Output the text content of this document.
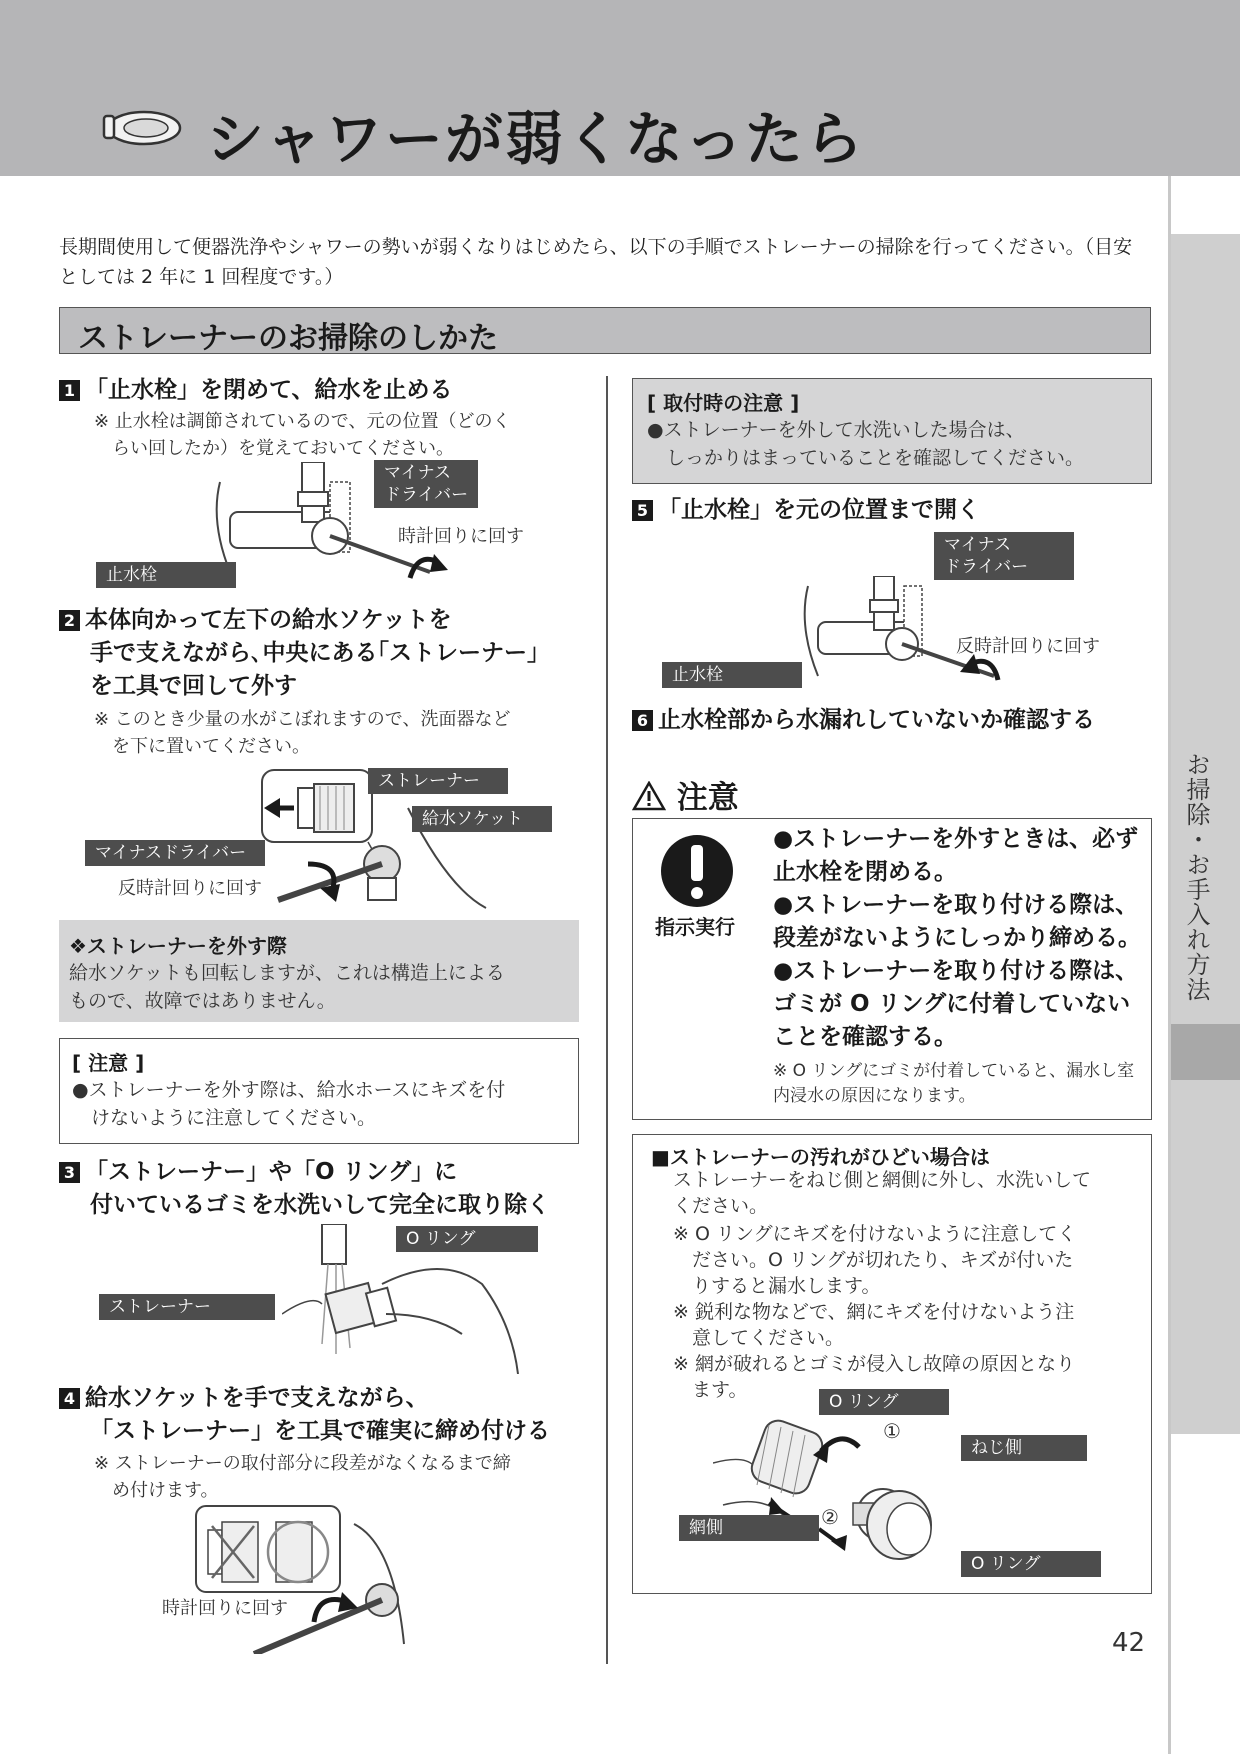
シャワーが弱くなったら
お掃除・お手入れ方法
長期間使用して便器洗浄やシャワーの勢いが弱くなりはじめたら、以下の手順でストレーナーの掃除を行ってください。（目安としては 2 年に 1 回程度です。）
ストレーナーのお掃除のしかた
1 「止水栓」を閉めて、給水を止める
※ 止水栓は調節されているので、元の位置（どのく
　らい回したか）を覚えておいてください。
マイナス
ドライバー
時計回りに回す
止水栓
2 本体向かって左下の給水ソケットを
手で支えながら､中央にある｢ストレーナー｣
を工具で回して外す
※ このとき少量の水がこぼれますので、洗面器など
　を下に置いてください。
ストレーナー
給水ソケット
マイナスドライバー
反時計回りに回す
❖ストレーナーを外す際
給水ソケットも回転しますが、これは構造上による
もので、故障ではありません。
[ 注意 ]
●ストレーナーを外す際は、給水ホースにキズを付
　けないように注意してください。
3 「ストレーナー」や「O リング」に
付いているゴミを水洗いして完全に取り除く
O リング
ストレーナー
4 給水ソケットを手で支えながら、
「ストレーナー」を工具で確実に締め付ける
※ ストレーナーの取付部分に段差がなくなるまで締
　め付けます。
時計回りに回す
[ 取付時の注意 ]
●ストレーナーを外して水洗いした場合は、
　しっかりはまっていることを確認してください。
5 「止水栓」を元の位置まで開く
マイナス
ドライバー
反時計回りに回す
止水栓
6 止水栓部から水漏れしていないか確認する
注意
指示実行
●ストレーナーを外すときは、必ず止水栓を閉める。
●ストレーナーを取り付ける際は、段差がないようにしっかり締める。
●ストレーナーを取り付ける際は、ゴミが O リングに付着していないことを確認する。
※ O リングにゴミが付着していると、漏水し室内浸水の原因になります。
■ストレーナーの汚れがひどい場合は
ストレーナーをねじ側と網側に外し、水洗いして
ください。
※ O リングにキズを付けないように注意してく
　ださい。O リングが切れたり、キズが付いた
　りすると漏水します。
※ 鋭利な物などで、網にキズを付けないよう注
　意してください。
※ 網が破れるとゴミが侵入し故障の原因となり
　ます。
O リング
①
ねじ側
②
網側
O リング
42
